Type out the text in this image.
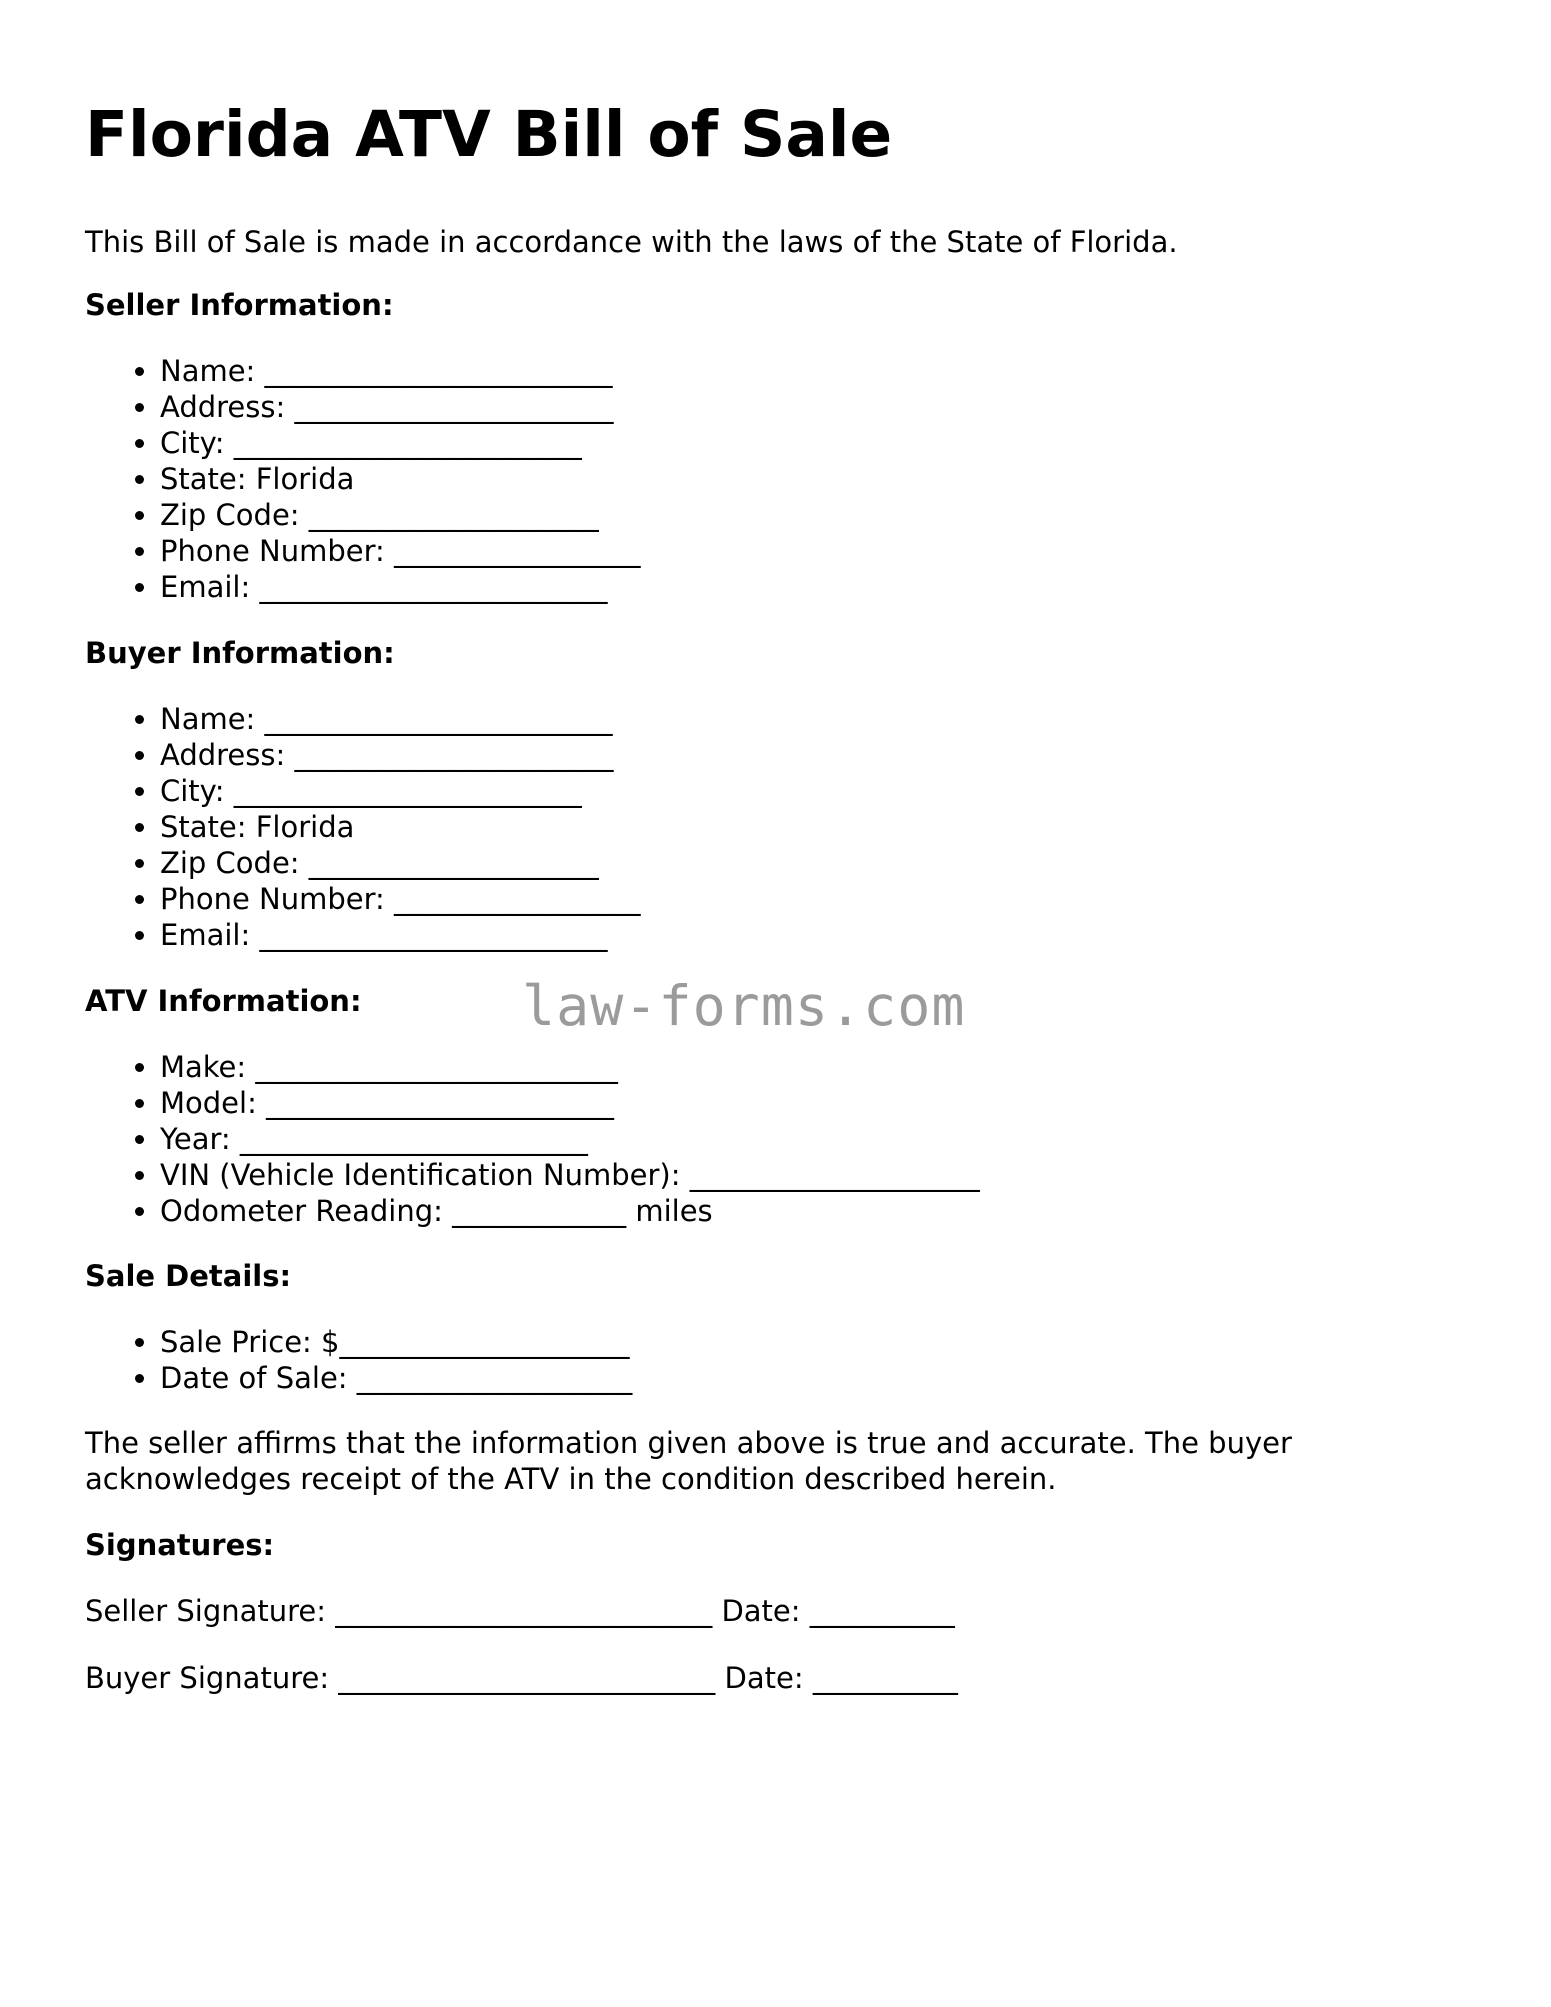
Florida ATV Bill of Sale

This Bill of Sale is made in accordance with the laws of the State of Florida.

Seller Information:

• Name: ________________________
• Address: ______________________
• City: ________________________
• State: Florida
• Zip Code: ____________________
• Phone Number: _________________
• Email: ________________________

Buyer Information:

• Name: ________________________
• Address: ______________________
• City: ________________________
• State: Florida
• Zip Code: ____________________
• Phone Number: _________________
• Email: ________________________

ATV Information:

• Make: _________________________
• Model: ________________________
• Year: ________________________
• VIN (Vehicle Identification Number): ____________________
• Odometer Reading: ____________ miles

Sale Details:

• Sale Price: $____________________
• Date of Sale: ___________________

The seller affirms that the information given above is true and accurate. The buyer

acknowledges receipt of the ATV in the condition described herein.

Signatures:

Seller Signature: __________________________ Date: __________

Buyer Signature: __________________________ Date: __________

law-forms.com
